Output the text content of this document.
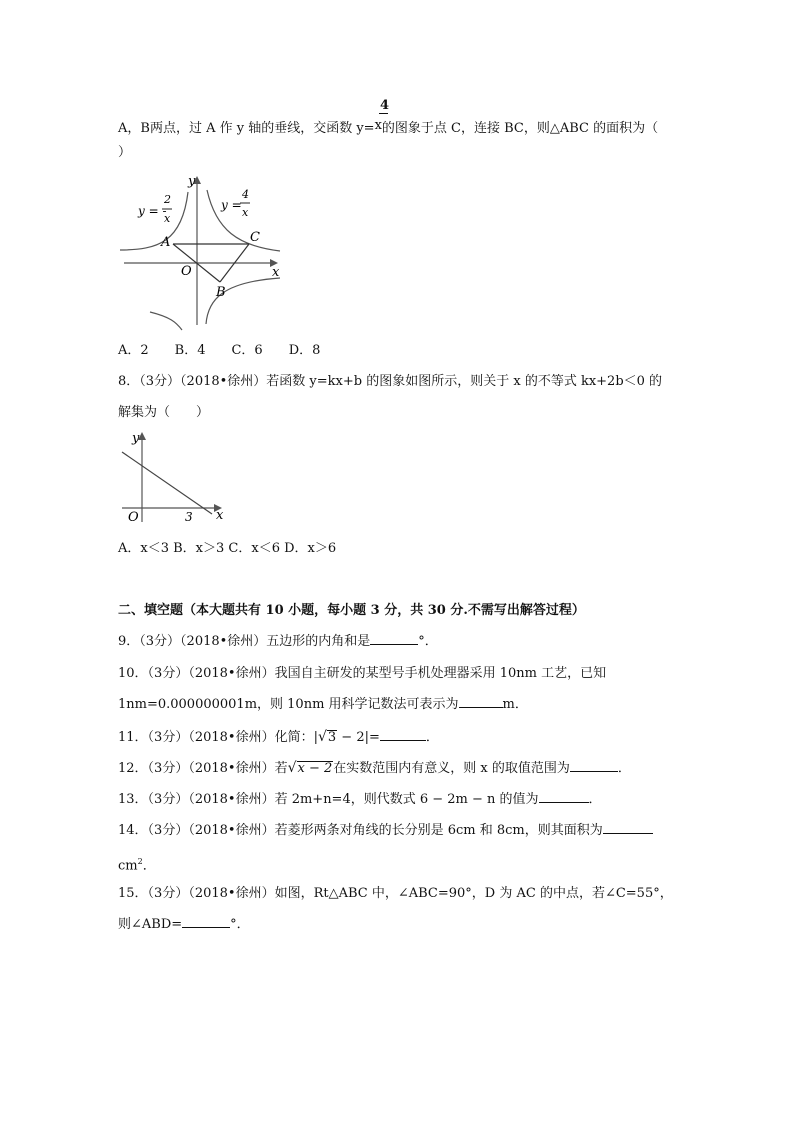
4
A，B两点，过 A 作 y 轴的垂线，交函数 y=x的图象于点 C，连接 BC，则△ABC 的面积为（
）
y = -
2
x
y =
4
x
x
y
O
A
B
C
A．2　　B．4　　C．6　　D．8
8．（3分）（2018•徐州）若函数 y=kx+b 的图象如图所示，则关于 x 的不等式 kx+2b＜0 的
解集为（　　）
x
y
O	3
A．x＜3 B．x＞3 C．x＜6 D．x＞6
二、填空题（本大题共有 10 小题，每小题 3 分，共 30 分.不需写出解答过程）
9．（3分）（2018•徐州）五边形的内角和是	°．
10．（3分）（2018•徐州）我国自主研发的某型号手机处理器采用 10nm 工艺，已知
1nm=0.000000001m，则 10nm 用科学记数法可表示为	m．
11．（3分）（2018•徐州）化简：|√3 − 2|=	．
12．（3分）（2018•徐州）若√x − 2在实数范围内有意义，则 x 的取值范围为	．
13．（3分）（2018•徐州）若 2m+n=4，则代数式 6 − 2m − n 的值为	．
14．（3分）（2018•徐州）若菱形两条对角线的长分别是 6cm 和 8cm，则其面积为
$cm^2$．
15．（3分）（2018•徐州）如图，Rt△ABC 中，∠ABC=90°，D 为 AC 的中点，若∠C=55°，
则∠ABD=	°．
